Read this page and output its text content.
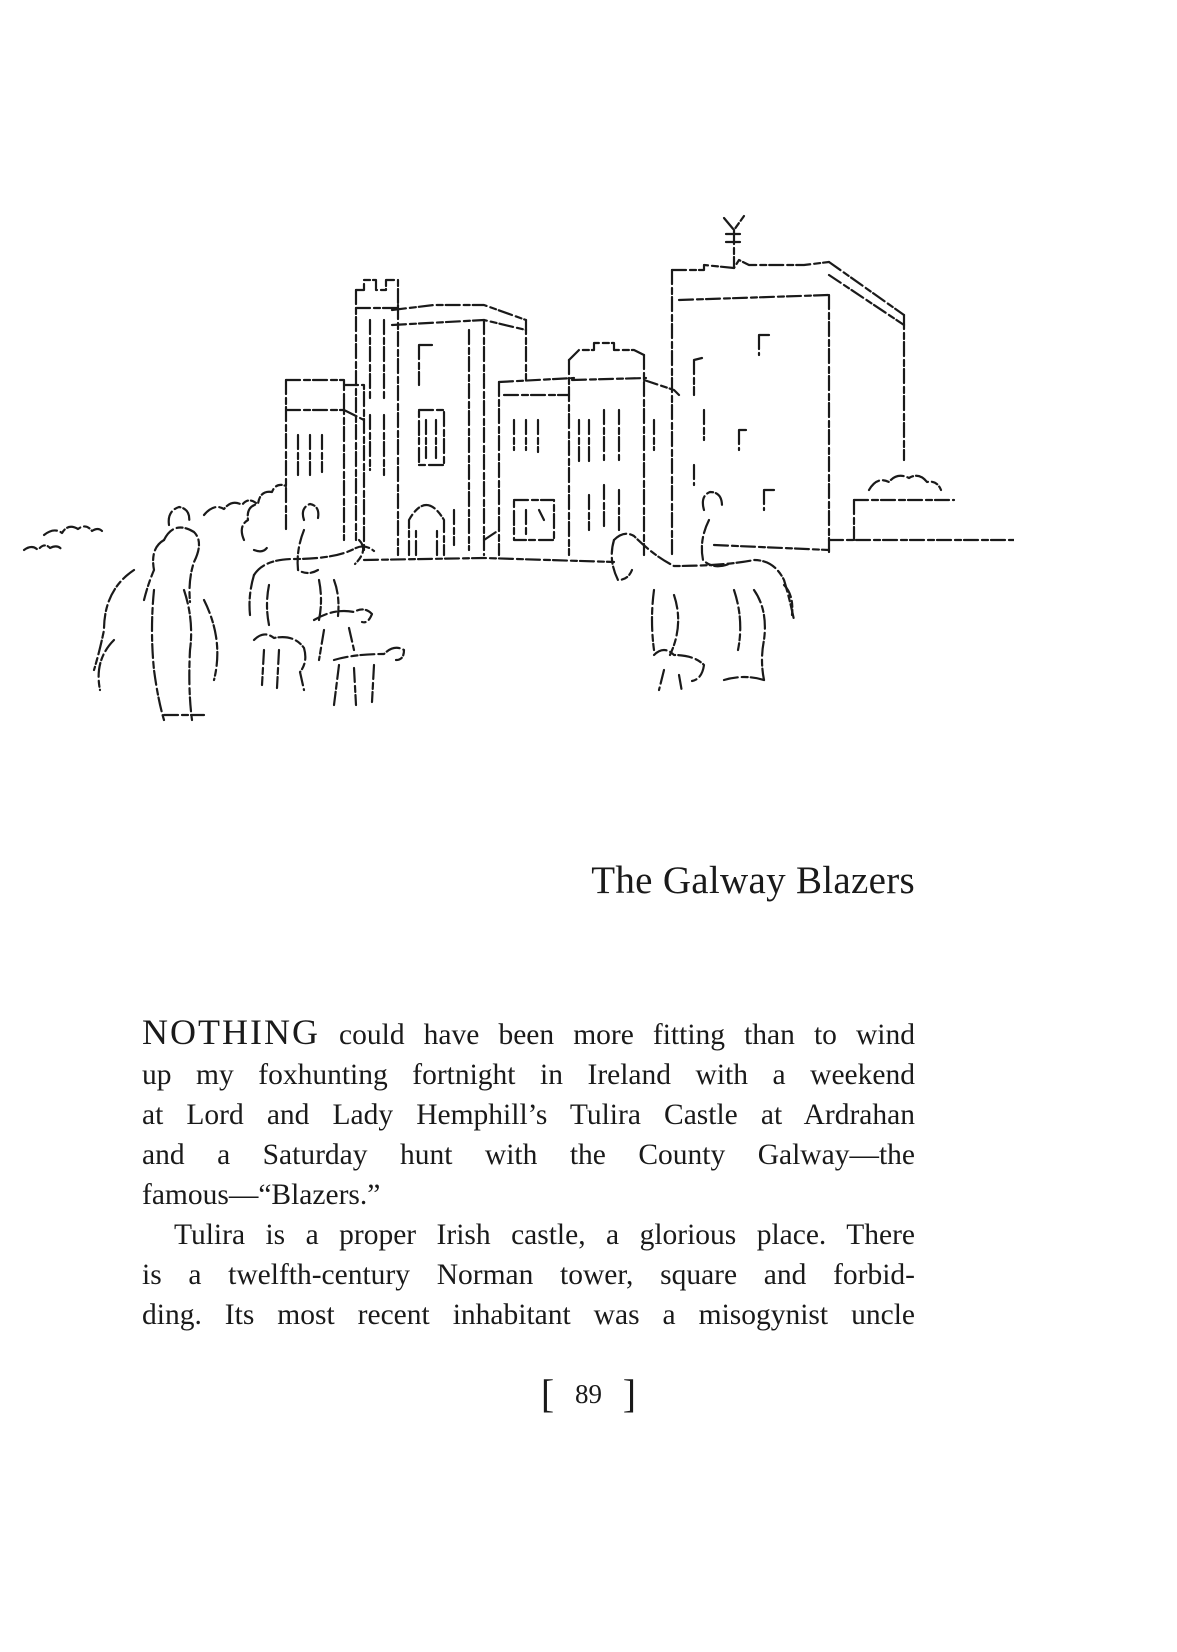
The Galway Blazers

NOTHING could have been more fitting than to wind
up my foxhunting fortnight in Ireland with a weekend
at Lord and Lady Hemphill’s Tulira Castle at Ardrahan
and a Saturday hunt with the County Galway—the
famous—“Blazers.”

Tulira is a proper Irish castle, a glorious place. There
is a twelfth-century Norman tower, square and forbid-
ding. Its most recent inhabitant was a misogynist uncle

[ 89 ]
